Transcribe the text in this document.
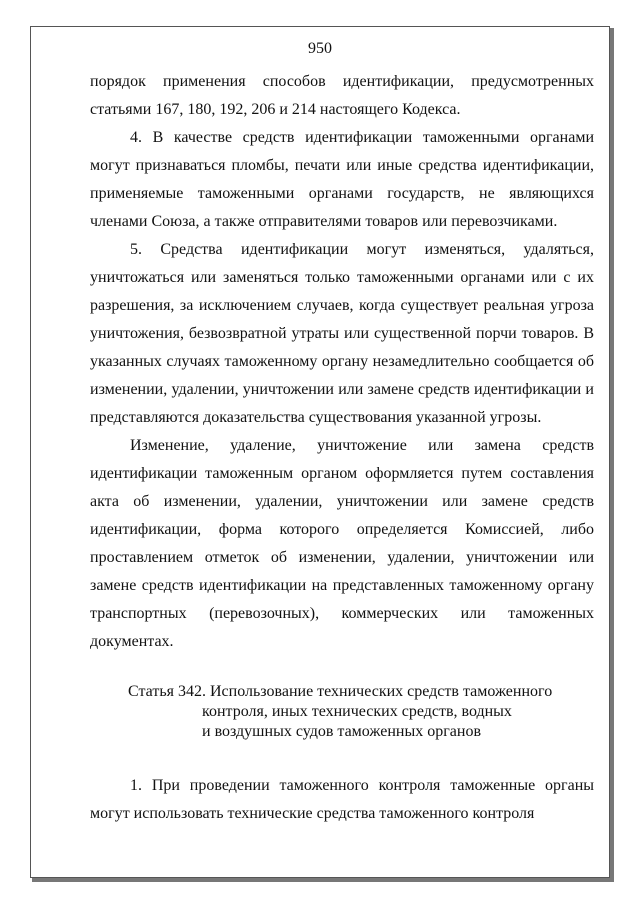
950

порядок применения способов идентификации, предусмотренных статьями 167, 180, 192, 206 и 214 настоящего Кодекса.

4. В качестве средств идентификации таможенными органами могут признаваться пломбы, печати или иные средства идентификации, применяемые таможенными органами государств, не являющихся членами Союза, а также отправителями товаров или перевозчиками.

5. Средства идентификации могут изменяться, удаляться, уничтожаться или заменяться только таможенными органами или с их разрешения, за исключением случаев, когда существует реальная угроза уничтожения, безвозвратной утраты или существенной порчи товаров. В указанных случаях таможенному органу незамедлительно сообщается об изменении, удалении, уничтожении или замене средств идентификации и представляются доказательства существования указанной угрозы.

Изменение, удаление, уничтожение или замена средств идентификации таможенным органом оформляется путем составления акта об изменении, удалении, уничтожении или замене средств идентификации, форма которого определяется Комиссией, либо проставлением отметок об изменении, удалении, уничтожении или замене средств идентификации на представленных таможенному органу транспортных (перевозочных), коммерческих или таможенных документах.

Статья 342. Использование технических средств таможенного
контроля, иных технических средств, водных
и воздушных судов таможенных органов

1. При проведении таможенного контроля таможенные органы могут использовать технические средства таможенного контроля
